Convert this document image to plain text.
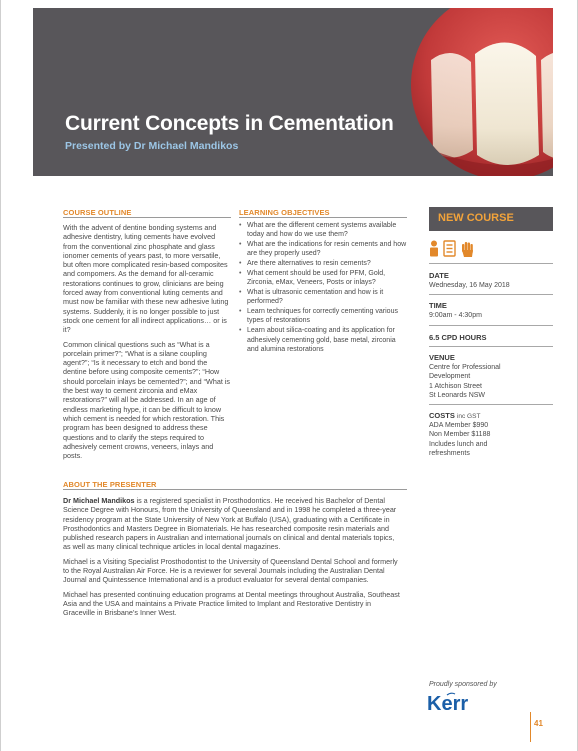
Current Concepts in Cementation
Presented by Dr Michael Mandikos
COURSE OUTLINE

With the advent of dentine bonding systems and adhesive dentistry, luting cements have evolved from the conventional zinc phosphate and glass ionomer cements of years past, to more versatile, but often more complicated resin-based composites and compomers. As the demand for all-ceramic restorations continues to grow, clinicians are being forced away from conventional luting cements and must now be familiar with these new adhesive luting systems. Suddenly, it is no longer possible to just stock one cement for all indirect applications… or is it?

Common clinical questions such as “What is a porcelain primer?”; “What is a silane coupling agent?”; “Is it necessary to etch and bond the dentine before using composite cements?”; “How should porcelain inlays be cemented?”; and “What is the best way to cement zirconia and eMax restorations?” will all be addressed. In an age of endless marketing hype, it can be difficult to know which cement is needed for which restoration. This program has been designed to address these questions and to clarify the steps required to adhesively cement crowns, veneers, inlays and posts.

LEARNING OBJECTIVES
• What are the different cement systems available today and how do we use them?
• What are the indications for resin cements and how are they properly used?
• Are there alternatives to resin cements?
• What cement should be used for PFM, Gold, Zirconia, eMax, Veneers, Posts or inlays?
• What is ultrasonic cementation and how is it performed?
• Learn techniques for correctly cementing various types of restorations
• Learn about silica-coating and its application for adhesively cementing gold, base metal, zirconia and alumina restorations
NEW COURSE
DATE
Wednesday, 16 May 2018
TIME
9:00am - 4:30pm
6.5 CPD HOURS
VENUE
Centre for Professional
Development
1 Atchison Street
St Leonards NSW
COSTS inc GST
ADA Member $990
Non Member $1188
Includes lunch and
refreshments
ABOUT THE PRESENTER

Dr Michael Mandikos is a registered specialist in Prosthodontics. He received his Bachelor of Dental Science Degree with Honours, from the University of Queensland and in 1998 he completed a three-year residency program at the State University of New York at Buffalo (USA), graduating with a Certificate in Prosthodontics and Masters Degree in Biomaterials. He has researched composite resin materials and published research papers in Australian and international journals on clinical and dental materials topics, as well as many clinical technique articles in local dental magazines.

Michael is a Visiting Specialist Prosthodontist to the University of Queensland Dental School and formerly to the Royal Australian Air Force. He is a reviewer for several Journals including the Australian Dental Journal and Quintessence International and is a product evaluator for several dental companies.

Michael has presented continuing education programs at Dental meetings throughout Australia, Southeast Asia and the USA and maintains a Private Practice limited to Implant and Restorative Dentistry in Graceville in Brisbane’s Inner West.

Proudly sponsored by
Kerr
41
